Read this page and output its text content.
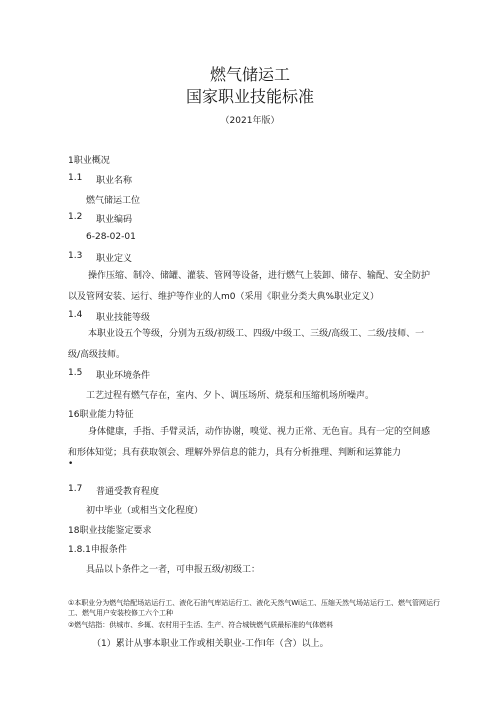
燃气储运工
国家职业技能标准
（2021年版）
1职业概况
1.1 职业名称
燃气储运工位
1.2 职业编码
6-28-02-01
1.3 职业定义
操作压缩、制冷、储罐、灌装、管网等设备，进行燃气上装卸、储存、输配、安全防护以及管网安装、运行、维护等作业的人m0（采用《职业分类大典%职业定义）
1.4 职业技能等级
本职业设五个等级，分别为五级/初级工、四级/中级工、三级/高级工、二级/技师、一级/高级技师。
1.5 职业环境条件
工艺过程有燃气存在，室内、夕卜、调压场所、烧泵和压缩机场所噪声。
16职业能力特征
身体健康，手指、手臂灵活，动作协谢，嗅觉、视力正常、无色盲。具有一定的空间感和形体知觉；具有获取领会、理解外界信息的能力，具有分析推理、判断和运算能力
•
1.7 普通受教育程度
初中毕业（或相当文化程度）
18职业技能鉴定要求
1.8.1申报条件
具品以卜条件之一者，可申报五级/初级工：
①本职业分为燃气给配场站运行工、液化石油气库站运行工、液化天然气Wi运工、压缩天然气场站运行工、燃气管网运行工、燃气用户安装校修工六个工种
②燃气结指：供城市、乡辄、农村用于生活、生产、符合城铳燃气质最标准的气体燃料
（1）累计从事本职业工作或相关职业-工作I年（含）以上。
